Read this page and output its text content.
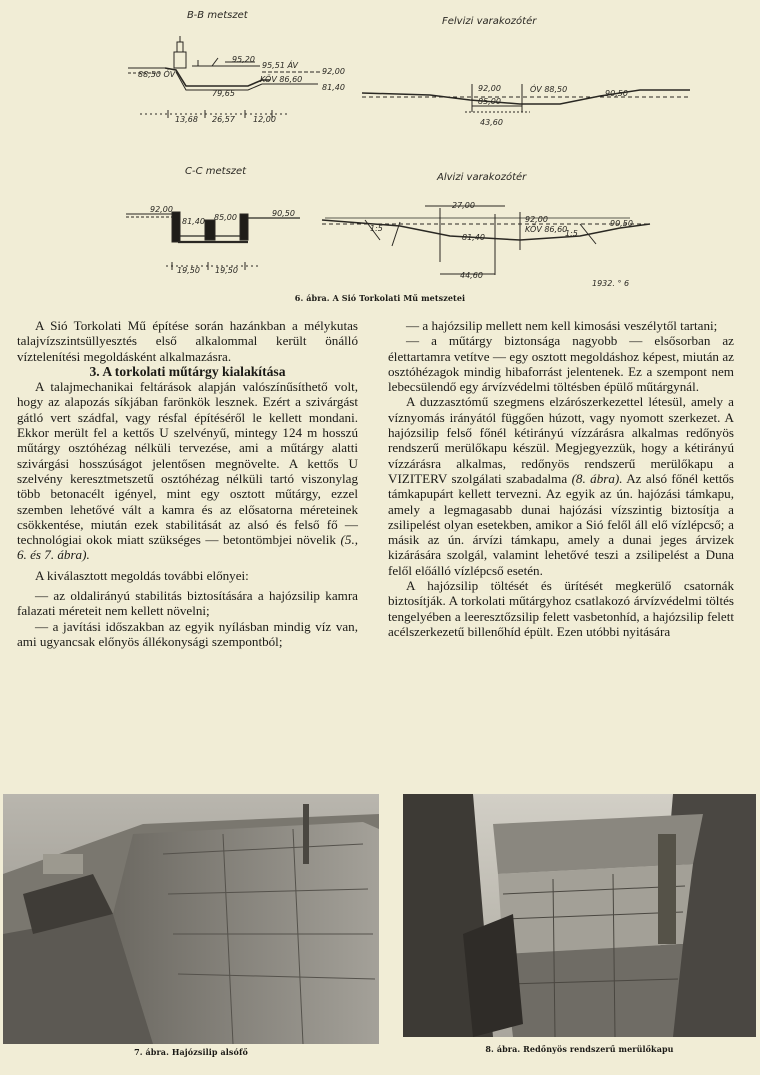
B-B metszet
Felvizi varakozótér
C-C metszet
Alvizi varakozótér
88,50 ÓV
95,20
95,51 ÁV
KÖV 86,60
92,00
81,40
79,65
13,68 26,57 12,00
92,00	ÓV 88,50
85,00
90,50
43,60
92,00
81,40 85,00	90,50
19,50 19,50
27,00
92,00
KÖV 86,60
81,40
90,50
44,60
1:5
1:5
1932. ° 6
6. ábra. A Sió Torkolati Mű metszetei

A Sió Torkolati Mű építése során hazánkban a mélykutas talajvízszintsüllyesztés első alkalommal került önálló víztelenítési megoldásként alkalmazásra.

3. A torkolati műtárgy kialakítása

A talajmechanikai feltárások alapján valószínűsíthető volt, hogy az alapozás síkjában farönkök lesznek. Ezért a szivárgást gátló vert szádfal, vagy résfal építéséről le kellett mondani. Ekkor merült fel a kettős U szelvényű, mintegy 124 m hosszú műtárgy osztóhézag nélküli tervezése, ami a műtárgy alatti szivárgási hosszúságot jelentősen megnövelte. A kettős U szelvény keresztmetszetű osztóhézag nélküli tartó viszonylag több betonacélt igényel, mint egy osztott műtárgy, ezzel szemben lehetővé vált a kamra és az elősatorna méreteinek csökkentése, miután ezek stabilitását az alsó és felső fő — technológiai okok miatt szükséges — betontömbjei növelik (5., 6. és 7. ábra).

A kiválasztott megoldás további előnyei:

— az oldalirányú stabilitás biztosítására a hajózsilip kamra falazati méreteit nem kellett növelni;

— a javítási időszakban az egyik nyílásban mindig víz van, ami ugyancsak előnyös állékonysági szempontból;

— a hajózsilip mellett nem kell kimosási veszélytől tartani;

— a műtárgy biztonsága nagyobb — elsősorban az élettartamra vetítve — egy osztott megoldáshoz képest, miután az osztóhézagok mindig hibaforrást jelentenek. Ez a szempont nem lebecsülendő egy árvízvédelmi töltésben épülő műtárgynál.

A duzzasztómű szegmens elzárószerkezettel létesül, amely a víznyomás irányától függően húzott, vagy nyomott szerkezet. A hajózsilip felső főnél kétirányú vízzárásra alkalmas redőnyös rendszerű merülőkapu készül. Megjegyezzük, hogy a kétirányú vízzárásra alkalmas, redőnyös rendszerű merülőkapu a VIZITERV szolgálati szabadalma (8. ábra). Az alsó főnél kettős támkapupárt kellett tervezni. Az egyik az ún. hajózási támkapu, amely a legmagasabb dunai hajózási vízszintig biztosítja a zsilipelést olyan esetekben, amikor a Sió felől áll elő vízlépcső; a másik az ún. árvízi támkapu, amely a dunai jeges árvizek kizárására szolgál, valamint lehetővé teszi a zsilipelést a Duna felől előálló vízlépcső esetén.

A hajózsilip töltését és ürítését megkerülő csatornák biztosítják. A torkolati műtárgyhoz csatlakozó árvízvédelmi töltés tengelyében a leeresztőzsilip felett vasbetonhíd, a hajózsilip felett acélszerkezetű billenőhíd épült. Ezen utóbbi nyitására

7. ábra. Hajózsilip alsófő	8. ábra. Redőnyös rendszerű merülőkapu
